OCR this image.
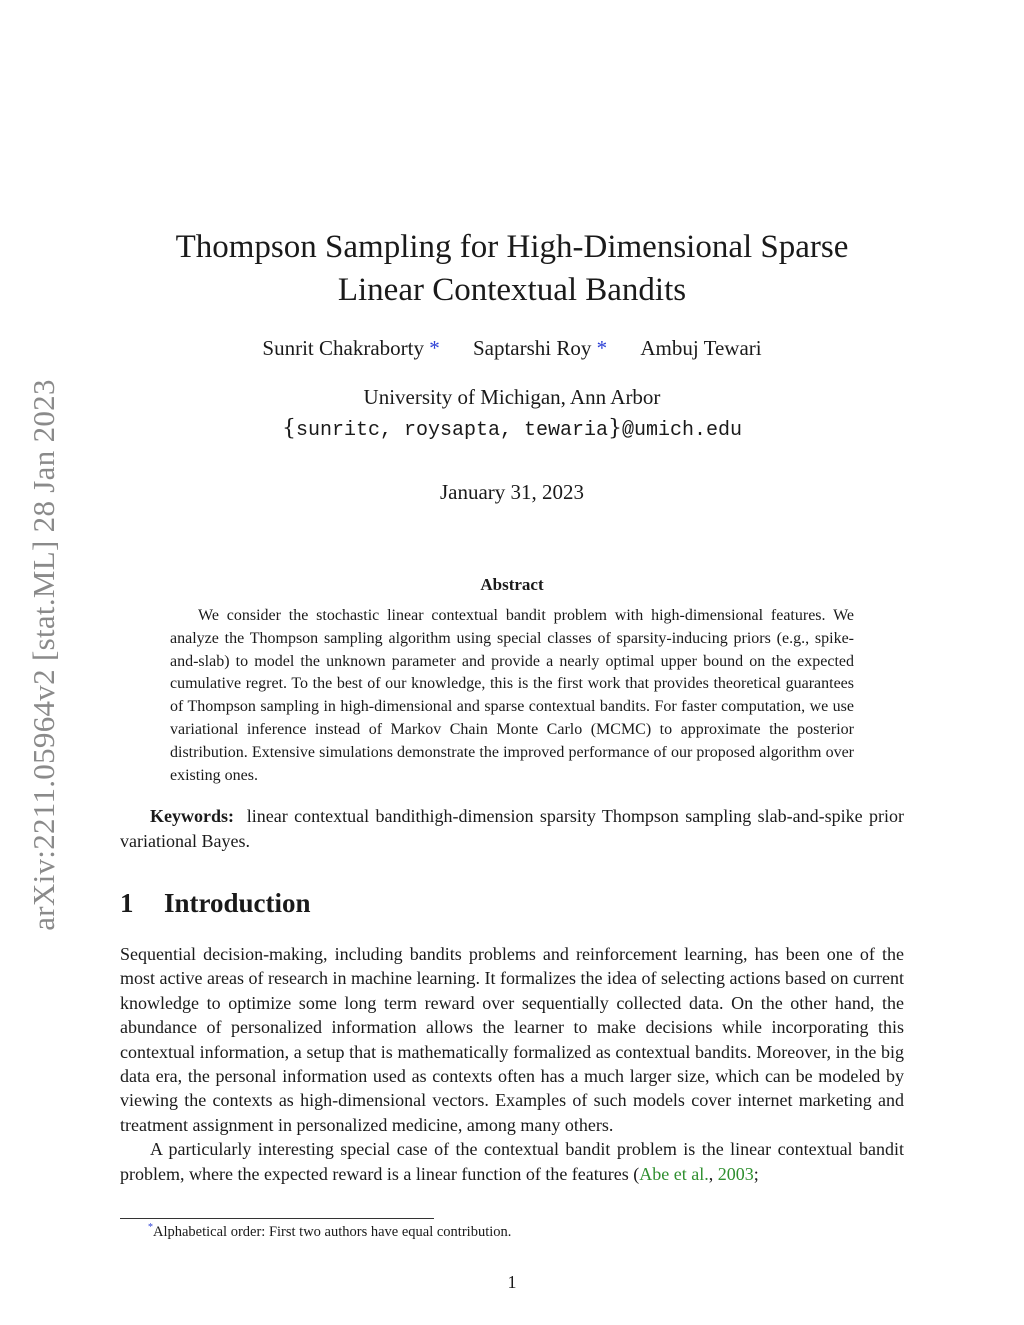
arXiv:2211.05964v2 [stat.ML] 28 Jan 2023
Thompson Sampling for High-Dimensional Sparse
Linear Contextual Bandits
Sunrit Chakraborty * Saptarshi Roy * Ambuj Tewari
University of Michigan, Ann Arbor
{sunritc, roysapta, tewaria}@umich.edu
January 31, 2023
Abstract
We consider the stochastic linear contextual bandit problem with high-dimensional features. We analyze the Thompson sampling algorithm using special classes of sparsity-inducing priors (e.g., spike-and-slab) to model the unknown parameter and provide a nearly optimal upper bound on the expected cumulative regret. To the best of our knowledge, this is the first work that provides theoretical guarantees of Thompson sampling in high-dimensional and sparse contextual bandits. For faster computation, we use variational inference instead of Markov Chain Monte Carlo (MCMC) to approximate the posterior distribution. Extensive simulations demonstrate the improved performance of our proposed algorithm over existing ones.
Keywords: linear contextual bandithigh-dimension sparsity Thompson sampling slab-and-spike prior variational Bayes.
1 Introduction

Sequential decision-making, including bandits problems and reinforcement learning, has been one of the most active areas of research in machine learning. It formalizes the idea of selecting actions based on current knowledge to optimize some long term reward over sequentially collected data. On the other hand, the abundance of personalized information allows the learner to make decisions while incorporating this contextual information, a setup that is mathematically formalized as contextual bandits. Moreover, in the big data era, the personal information used as contexts often has a much larger size, which can be modeled by viewing the contexts as high-dimensional vectors. Examples of such models cover internet marketing and treatment assignment in personalized medicine, among many others.

A particularly interesting special case of the contextual bandit problem is the linear contextual bandit problem, where the expected reward is a linear function of the features (Abe et al., 2003;

*Alphabetical order: First two authors have equal contribution.
1
